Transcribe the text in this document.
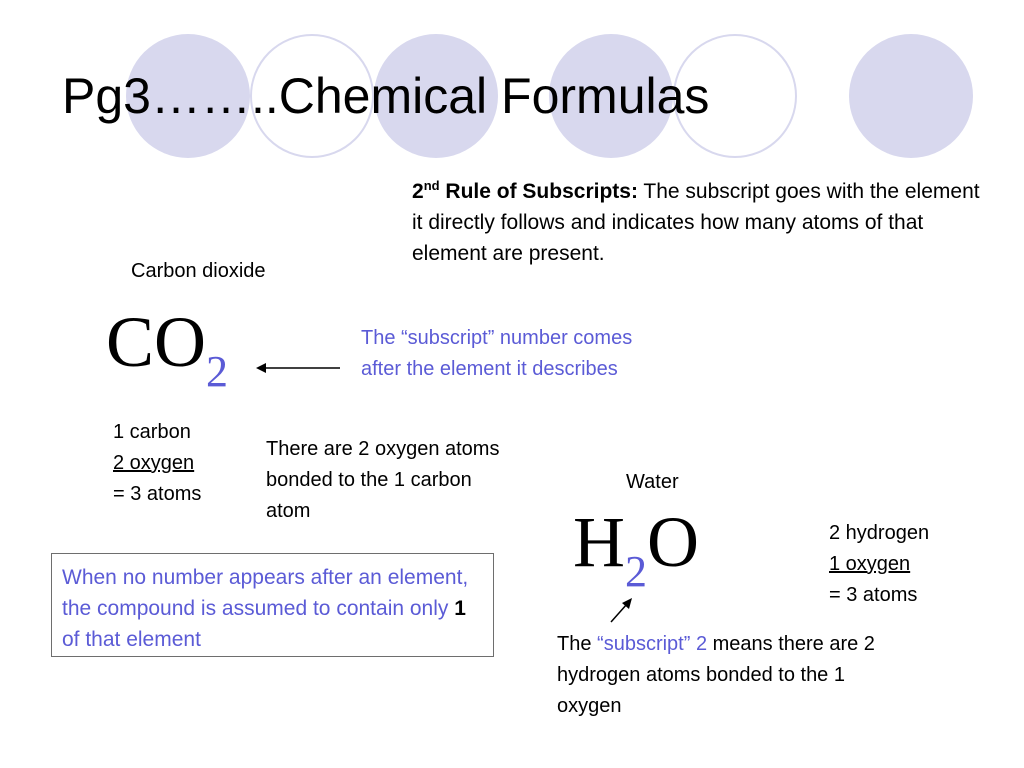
Pg3……..Chemical Formulas
2nd Rule of Subscripts: The subscript goes with the element it directly follows and indicates how many atoms of that element are present.
Carbon dioxide
$CO_2$
The “subscript” number comes after the element it describes
1 carbon
2 oxygen
= 3 atoms
There are 2 oxygen atoms bonded to the 1 carbon atom
Water
$H_2O$	2 hydrogen
1 oxygen
= 3 atoms
The “subscript” 2 means there are 2 hydrogen atoms bonded to the 1 oxygen
When no number appears after an element, the compound is assumed to contain only 1 of that element
